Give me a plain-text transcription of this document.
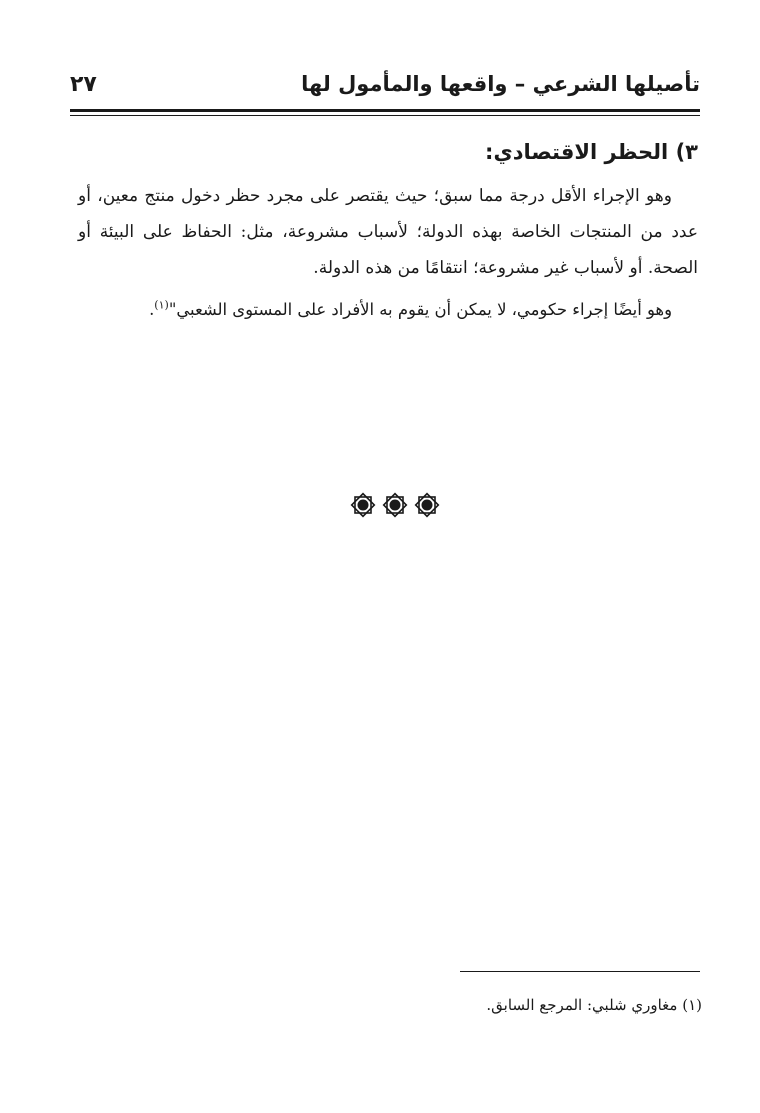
تأصيلها الشرعي – واقعها والمأمول لها
٢٧
٣) الحظر الاقتصادي:

وهو الإجراء الأقل درجة مما سبق؛ حيث يقتصر على مجرد حظر دخول منتج معين، أو عدد من المنتجات الخاصة بهذه الدولة؛ لأسباب مشروعة، مثل: الحفاظ على البيئة أو الصحة. أو لأسباب غير مشروعة؛ انتقامًا من هذه الدولة.

وهو أيضًا إجراء حكومي، لا يمكن أن يقوم به الأفراد على المستوى الشعبي"$^{(١)}$.

(١) مغاوري شلبي: المرجع السابق.
